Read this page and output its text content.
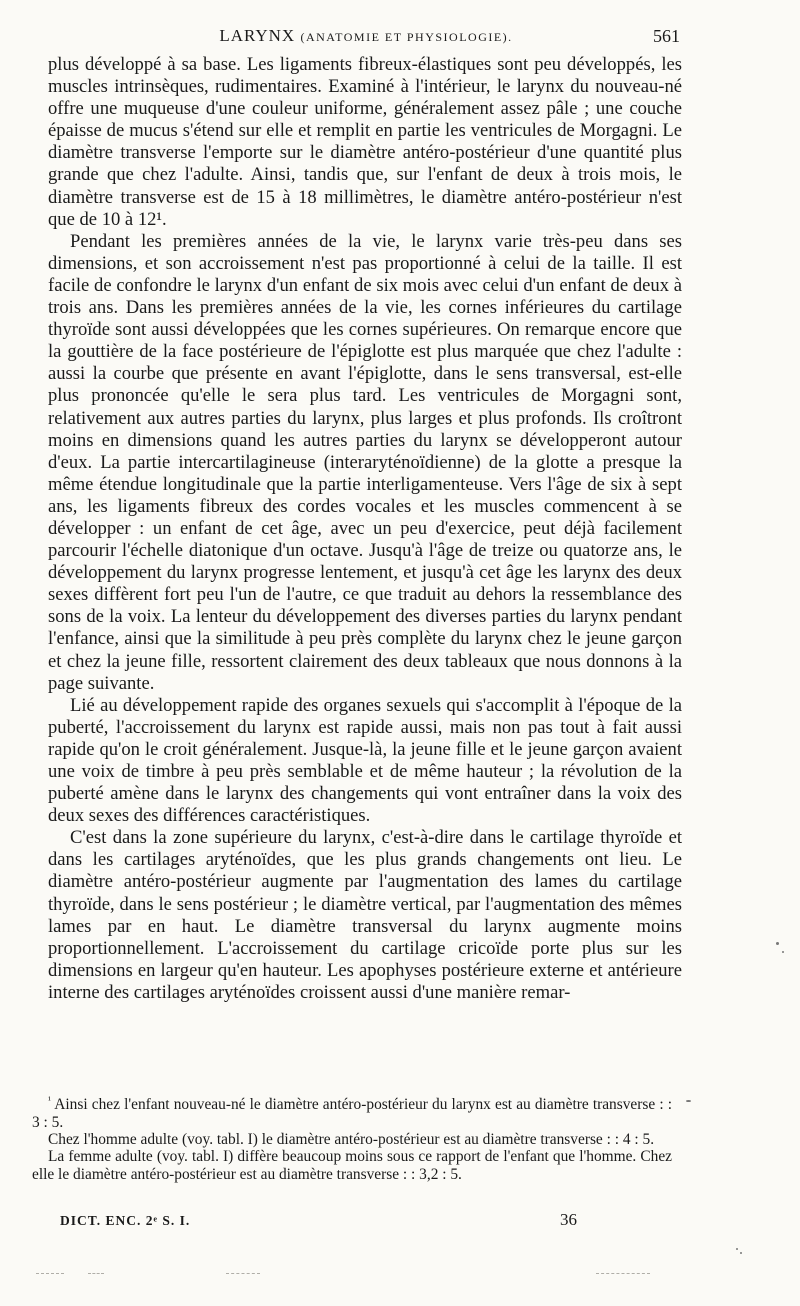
LARYNX (ANATOMIE ET PHYSIOLOGIE).	561

plus développé à sa base. Les ligaments fibreux-élastiques sont peu développés, les muscles intrinsèques, rudimentaires. Examiné à l'intérieur, le larynx du nouveau-né offre une muqueuse d'une couleur uniforme, généralement assez pâle ; une couche épaisse de mucus s'étend sur elle et remplit en partie les ventricules de Morgagni. Le diamètre transverse l'emporte sur le diamètre antéro-postérieur d'une quantité plus grande que chez l'adulte. Ainsi, tandis que, sur l'enfant de deux à trois mois, le diamètre transverse est de 15 à 18 millimètres, le diamètre antéro-postérieur n'est que de 10 à 12¹.

Pendant les premières années de la vie, le larynx varie très-peu dans ses dimensions, et son accroissement n'est pas proportionné à celui de la taille. Il est facile de confondre le larynx d'un enfant de six mois avec celui d'un enfant de deux à trois ans. Dans les premières années de la vie, les cornes inférieures du cartilage thyroïde sont aussi développées que les cornes supérieures. On remarque encore que la gouttière de la face postérieure de l'épiglotte est plus marquée que chez l'adulte : aussi la courbe que présente en avant l'épiglotte, dans le sens transversal, est-elle plus prononcée qu'elle le sera plus tard. Les ventricules de Morgagni sont, relativement aux autres parties du larynx, plus larges et plus profonds. Ils croîtront moins en dimensions quand les autres parties du larynx se développeront autour d'eux. La partie intercartilagineuse (interaryténoïdienne) de la glotte a presque la même étendue longitudinale que la partie interligamenteuse. Vers l'âge de six à sept ans, les ligaments fibreux des cordes vocales et les muscles commencent à se développer : un enfant de cet âge, avec un peu d'exercice, peut déjà facilement parcourir l'échelle diatonique d'un octave. Jusqu'à l'âge de treize ou quatorze ans, le développement du larynx progresse lentement, et jusqu'à cet âge les larynx des deux sexes diffèrent fort peu l'un de l'autre, ce que traduit au dehors la ressemblance des sons de la voix. La lenteur du développement des diverses parties du larynx pendant l'enfance, ainsi que la similitude à peu près complète du larynx chez le jeune garçon et chez la jeune fille, ressortent clairement des deux tableaux que nous donnons à la page suivante.

Lié au développement rapide des organes sexuels qui s'accomplit à l'époque de la puberté, l'accroissement du larynx est rapide aussi, mais non pas tout à fait aussi rapide qu'on le croit généralement. Jusque-là, la jeune fille et le jeune garçon avaient une voix de timbre à peu près semblable et de même hauteur ; la révolution de la puberté amène dans le larynx des changements qui vont entraîner dans la voix des deux sexes des différences caractéristiques.

C'est dans la zone supérieure du larynx, c'est-à-dire dans le cartilage thyroïde et dans les cartilages aryténoïdes, que les plus grands changements ont lieu. Le diamètre antéro-postérieur augmente par l'augmentation des lames du cartilage thyroïde, dans le sens postérieur ; le diamètre vertical, par l'augmentation des mêmes lames par en haut. Le diamètre transversal du larynx augmente moins proportionnellement. L'accroissement du cartilage cricoïde porte plus sur les dimensions en largeur qu'en hauteur. Les apophyses postérieure externe et antérieure interne des cartilages aryténoïdes croissent aussi d'une manière remar-

$^{^1}$ Ainsi chez l'enfant nouveau-né le diamètre antéro-postérieur du larynx est au diamètre transverse : : 3 : 5.

Chez l'homme adulte (voy. tabl. I) le diamètre antéro-postérieur est au diamètre transverse : : 4 : 5.

La femme adulte (voy. tabl. I) diffère beaucoup moins sous ce rapport de l'enfant que l'homme. Chez elle le diamètre antéro-postérieur est au diamètre transverse : : 3,2 : 5.

DICT. ENC. 2ᵉ S. I.	36
